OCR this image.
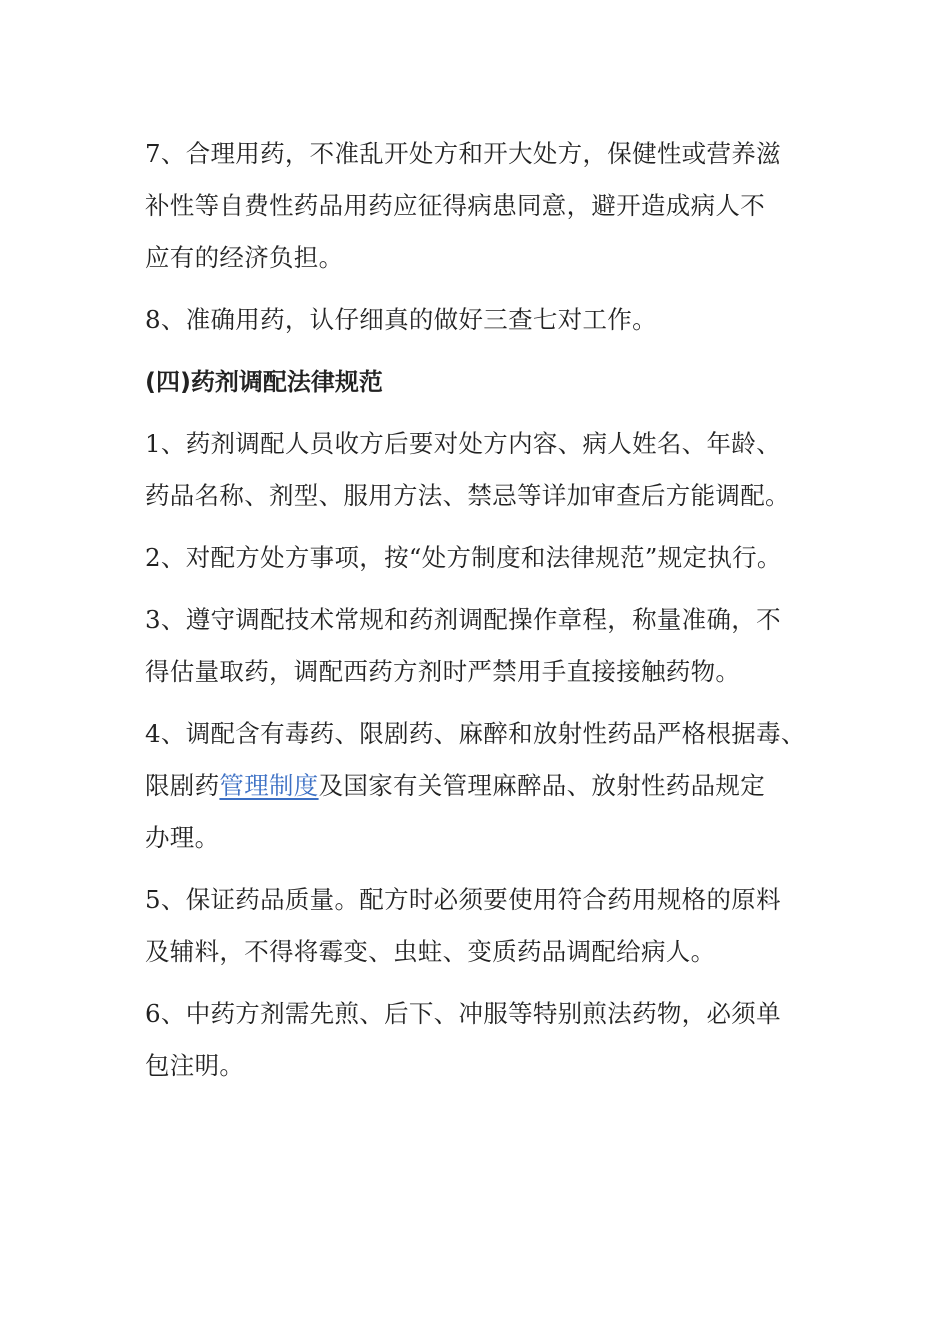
7、合理用药，不准乱开处方和开大处方，保健性或营养滋
补性等自费性药品用药应征得病患同意，避开造成病人不
应有的经济负担。

8、准确用药，认仔细真的做好三查七对工作。

(四)药剂调配法律规范

1、药剂调配人员收方后要对处方内容、病人姓名、年龄、
药品名称、剂型、服用方法、禁忌等详加审查后方能调配。

2、对配方处方事项，按“处方制度和法律规范”规定执行。

3、遵守调配技术常规和药剂调配操作章程，称量准确，不
得估量取药，调配西药方剂时严禁用手直接接触药物。

4、调配含有毒药、限剧药、麻醉和放射性药品严格根据毒、
限剧药管理制度及国家有关管理麻醉品、放射性药品规定
办理。

5、保证药品质量。配方时必须要使用符合药用规格的原料
及辅料，不得将霉变、虫蛀、变质药品调配给病人。

6、中药方剂需先煎、后下、冲服等特别煎法药物，必须单
包注明。
